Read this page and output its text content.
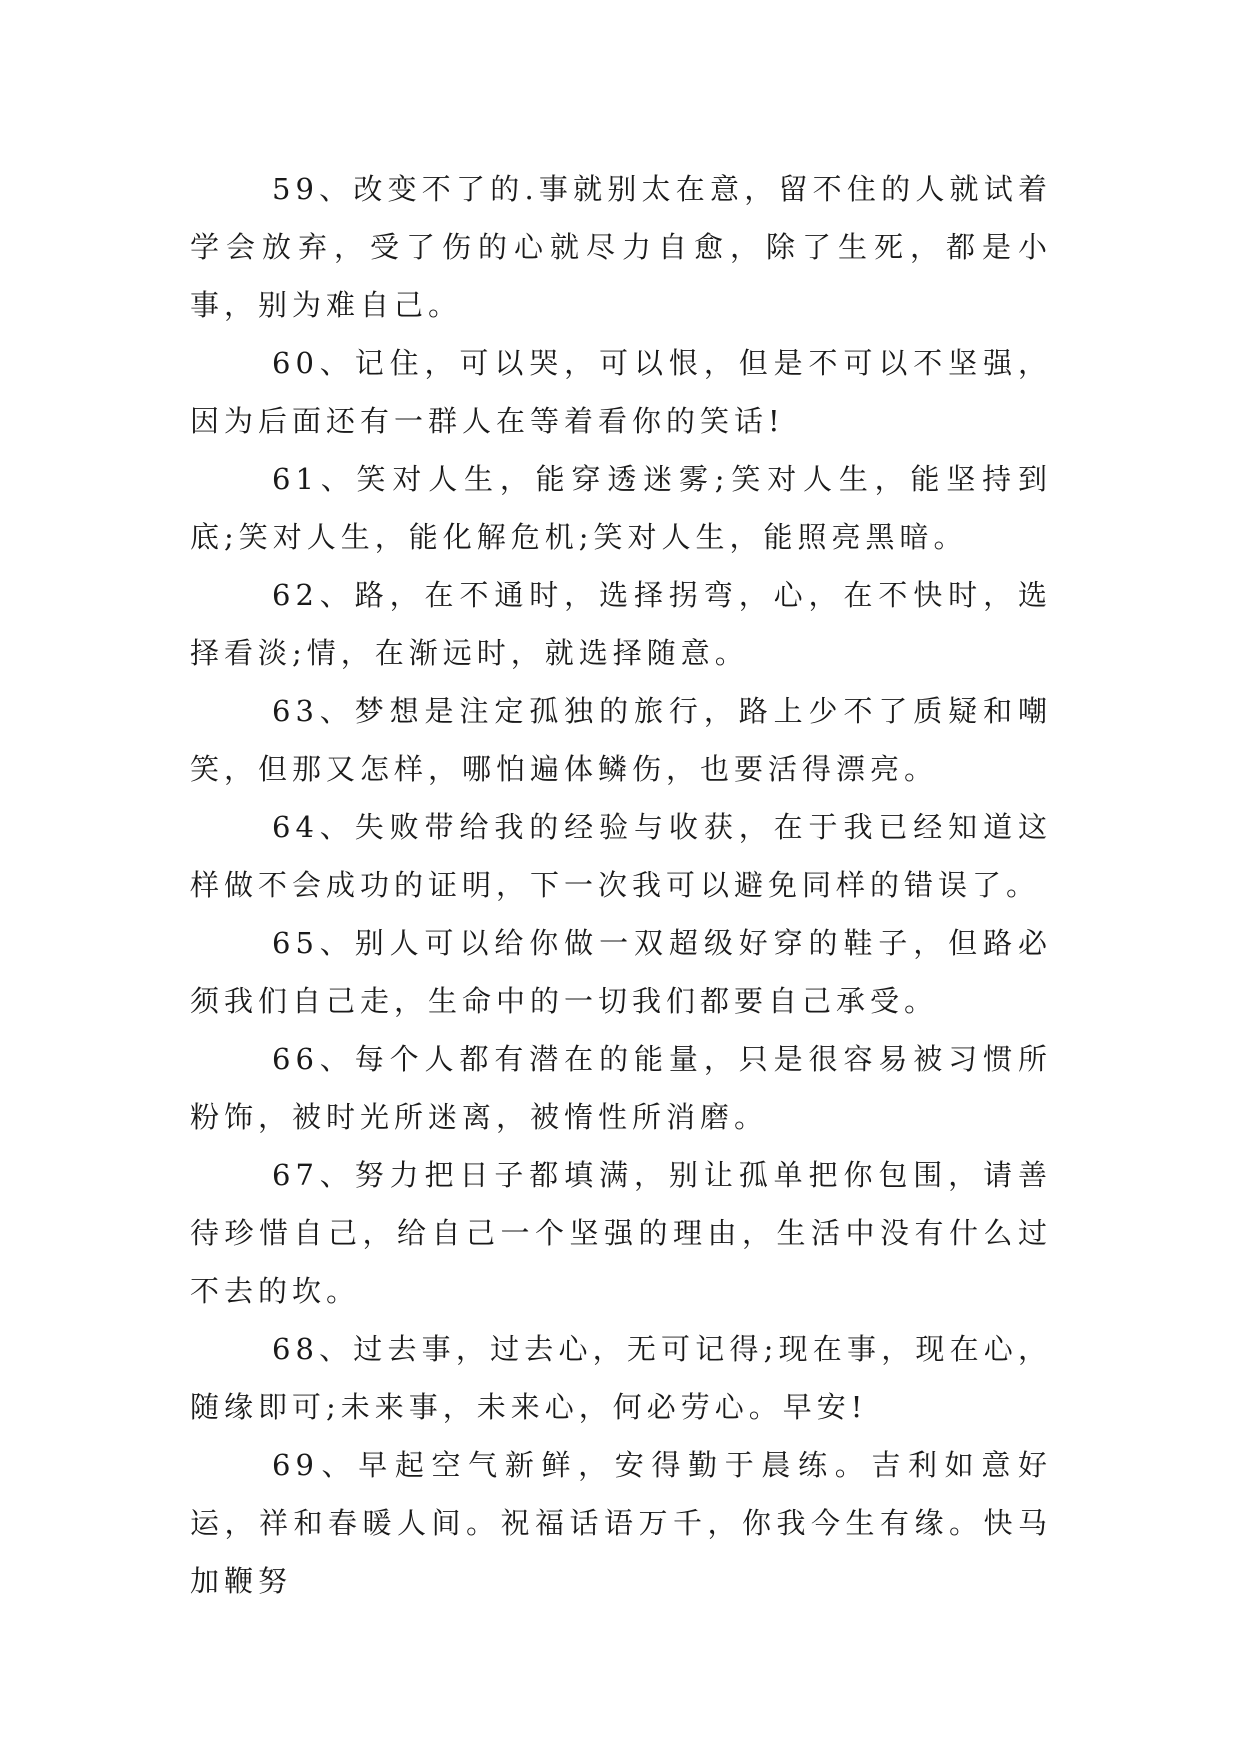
59、改变不了的.事就别太在意，留不住的人就试着学会放弃，受了伤的心就尽力自愈，除了生死，都是小事，别为难自己。

60、记住，可以哭，可以恨，但是不可以不坚强，因为后面还有一群人在等着看你的笑话!

61、笑对人生，能穿透迷雾;笑对人生，能坚持到底;笑对人生，能化解危机;笑对人生，能照亮黑暗。

62、路，在不通时，选择拐弯，心，在不快时，选择看淡;情，在渐远时，就选择随意。

63、梦想是注定孤独的旅行，路上少不了质疑和嘲笑，但那又怎样，哪怕遍体鳞伤，也要活得漂亮。

64、失败带给我的经验与收获，在于我已经知道这样做不会成功的证明，下一次我可以避免同样的错误了。

65、别人可以给你做一双超级好穿的鞋子，但路必须我们自己走，生命中的一切我们都要自己承受。

66、每个人都有潜在的能量，只是很容易被习惯所粉饰，被时光所迷离，被惰性所消磨。

67、努力把日子都填满，别让孤单把你包围，请善待珍惜自己，给自己一个坚强的理由，生活中没有什么过不去的坎。

68、过去事，过去心，无可记得;现在事，现在心，随缘即可;未来事，未来心，何必劳心。早安!

69、早起空气新鲜，安得勤于晨练。吉利如意好运，祥和春暖人间。祝福话语万千，你我今生有缘。快马加鞭努
